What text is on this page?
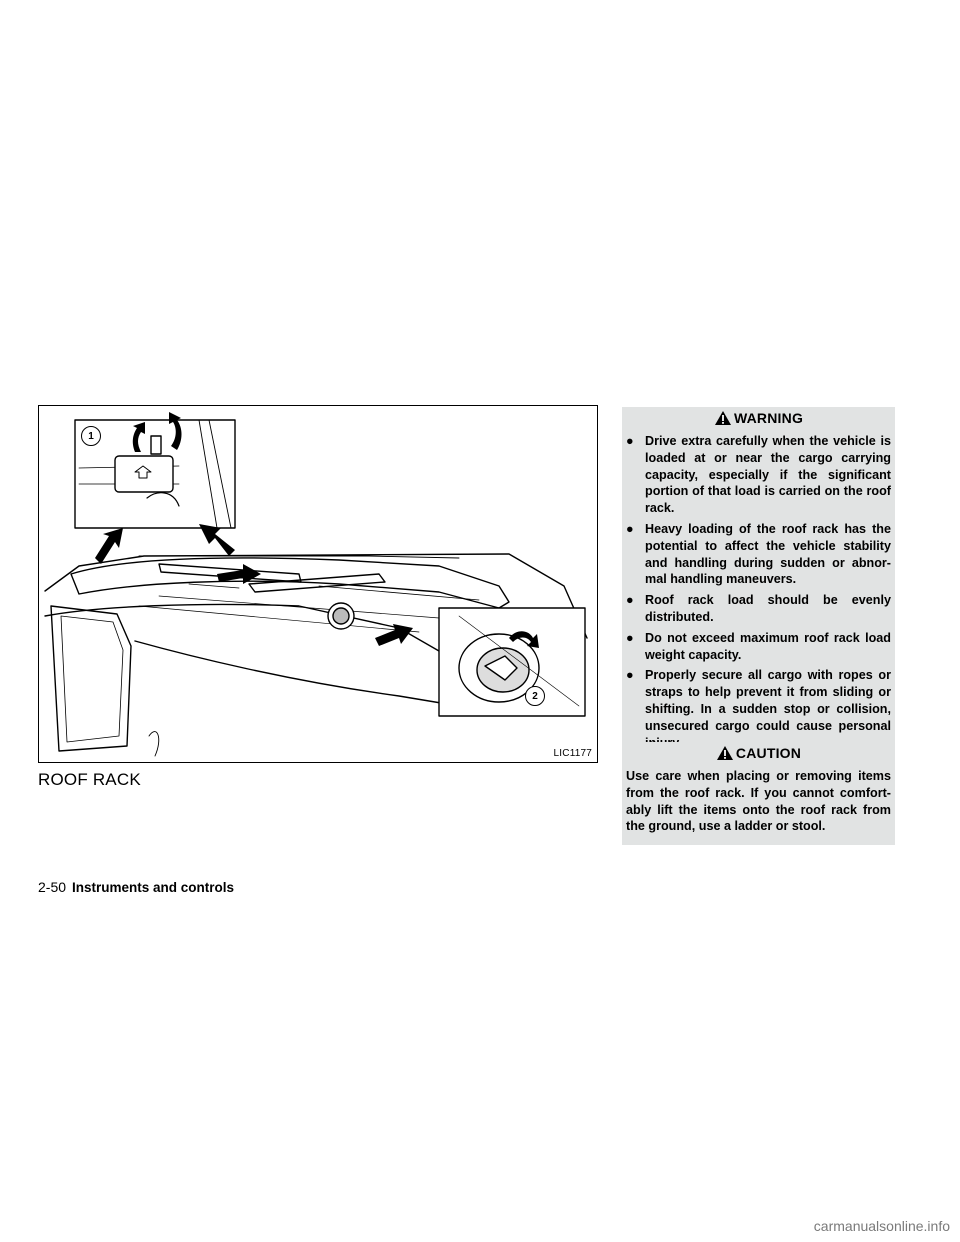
1
2
LIC1177
ROOF RACK
WARNING
● Drive extra carefully when the vehicle is loaded at or near the cargo carrying capacity, especially if the significant portion of that load is carried on the roof rack.
● Heavy loading of the roof rack has the potential to affect the vehicle stability and handling during sudden or abnor-mal handling maneuvers.
● Roof rack load should be evenly distributed.
● Do not exceed maximum roof rack load weight capacity.
● Properly secure all cargo with ropes or straps to help prevent it from sliding or shifting. In a sudden stop or collision, unsecured cargo could cause personal
CAUTION
Use care when placing or removing items from the roof rack. If you cannot comfort-ably lift the items onto the roof rack from the ground, use a ladder or stool.
2-50 Instruments and controls
carmanualsonline.info
